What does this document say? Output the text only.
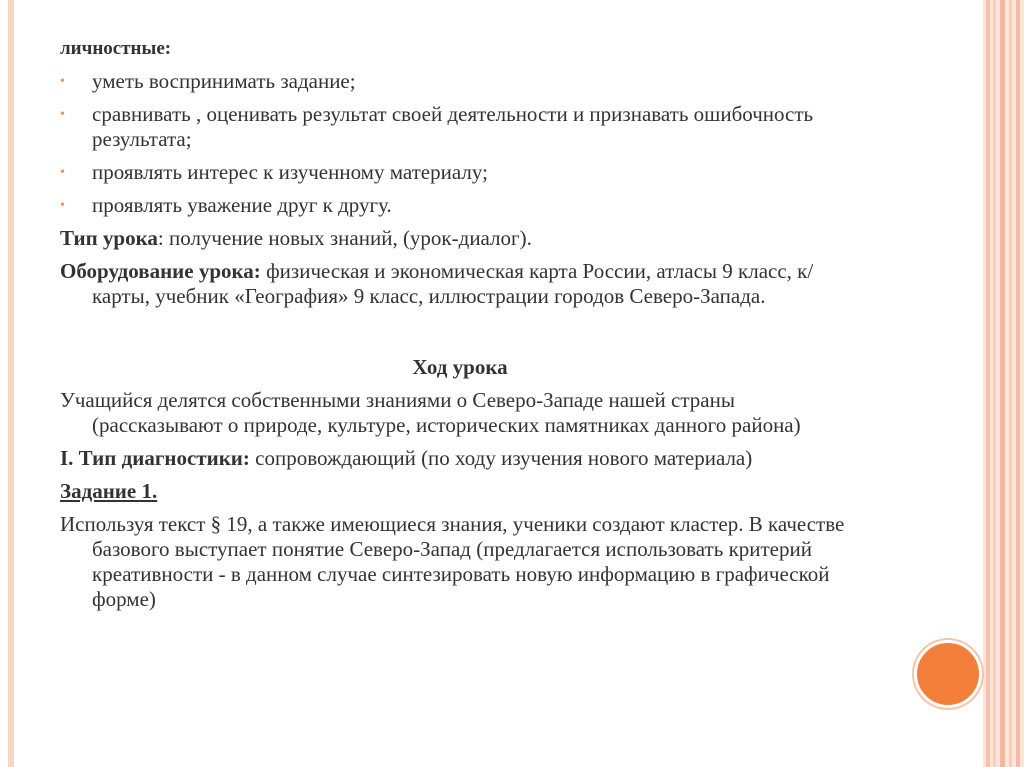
личностные:
• уметь воспринимать задание;
• сравнивать , оценивать результат своей деятельности и признавать ошибочность результата;
• проявлять интерес к изученному материалу;
• проявлять уважение друг к другу.

Тип урока: получение новых знаний, (урок-диалог).

Оборудование урока: физическая и экономическая карта России, атласы 9 класс, к/карты, учебник «География» 9 класс, иллюстрации городов Северо-Запада.

Ход урока

Учащийся делятся собственными знаниями о Северо-Западе нашей страны (рассказывают о природе, культуре, исторических памятниках данного района)

I. Тип диагностики: сопровождающий (по ходу изучения нового материала)

Задание 1.

Используя текст § 19, а также имеющиеся знания, ученики создают кластер. В качестве базового выступает понятие Северо-Запад (предлагается использовать критерий креативности - в данном случае синтезировать новую информацию в графической форме)
